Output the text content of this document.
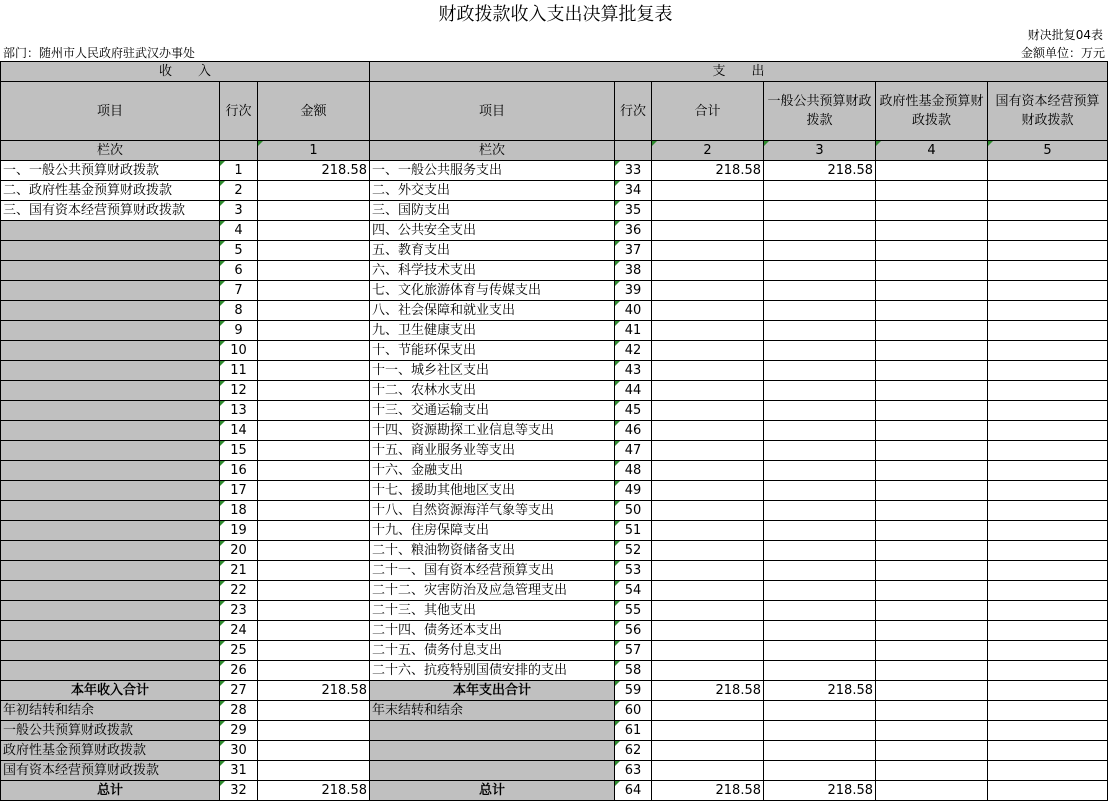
财政拨款收入支出决算批复表
财决批复04表
部门：随州市人民政府驻武汉办事处	金额单位：万元
收　　入			支　　出					
项目	行次	金额	项目	行次	合计	一般公共预算财政拨款	政府性基金预算财政拨款	国有资本经营预算财政拨款
栏次		1	栏次		2	3	4	5
一、一般公共预算财政拨款	1	218.58	一、一般公共服务支出	33	218.58	218.58		
二、政府性基金预算财政拨款	2		二、外交支出	34				
三、国有资本经营预算财政拨款	3		三、国防支出	35				
	4		四、公共安全支出	36				
	5		五、教育支出	37				
	6		六、科学技术支出	38				
	7		七、文化旅游体育与传媒支出	39				
	8		八、社会保障和就业支出	40				
	9		九、卫生健康支出	41				
	10		十、节能环保支出	42				
	11		十一、城乡社区支出	43				
	12		十二、农林水支出	44				
	13		十三、交通运输支出	45				
	14		十四、资源勘探工业信息等支出	46				
	15		十五、商业服务业等支出	47				
	16		十六、金融支出	48				
	17		十七、援助其他地区支出	49				
	18		十八、自然资源海洋气象等支出	50				
	19		十九、住房保障支出	51				
	20		二十、粮油物资储备支出	52				
	21		二十一、国有资本经营预算支出	53				
	22		二十二、灾害防治及应急管理支出	54				
	23		二十三、其他支出	55				
	24		二十四、债务还本支出	56				
	25		二十五、债务付息支出	57				
	26		二十六、抗疫特别国债安排的支出	58				
本年收入合计	27	218.58	本年支出合计	59	218.58	218.58		
年初结转和结余	28		年末结转和结余	60				
一般公共预算财政拨款	29			61				
政府性基金预算财政拨款	30			62				
国有资本经营预算财政拨款	31			63				
总计	32	218.58	总计	64	218.58	218.58		
